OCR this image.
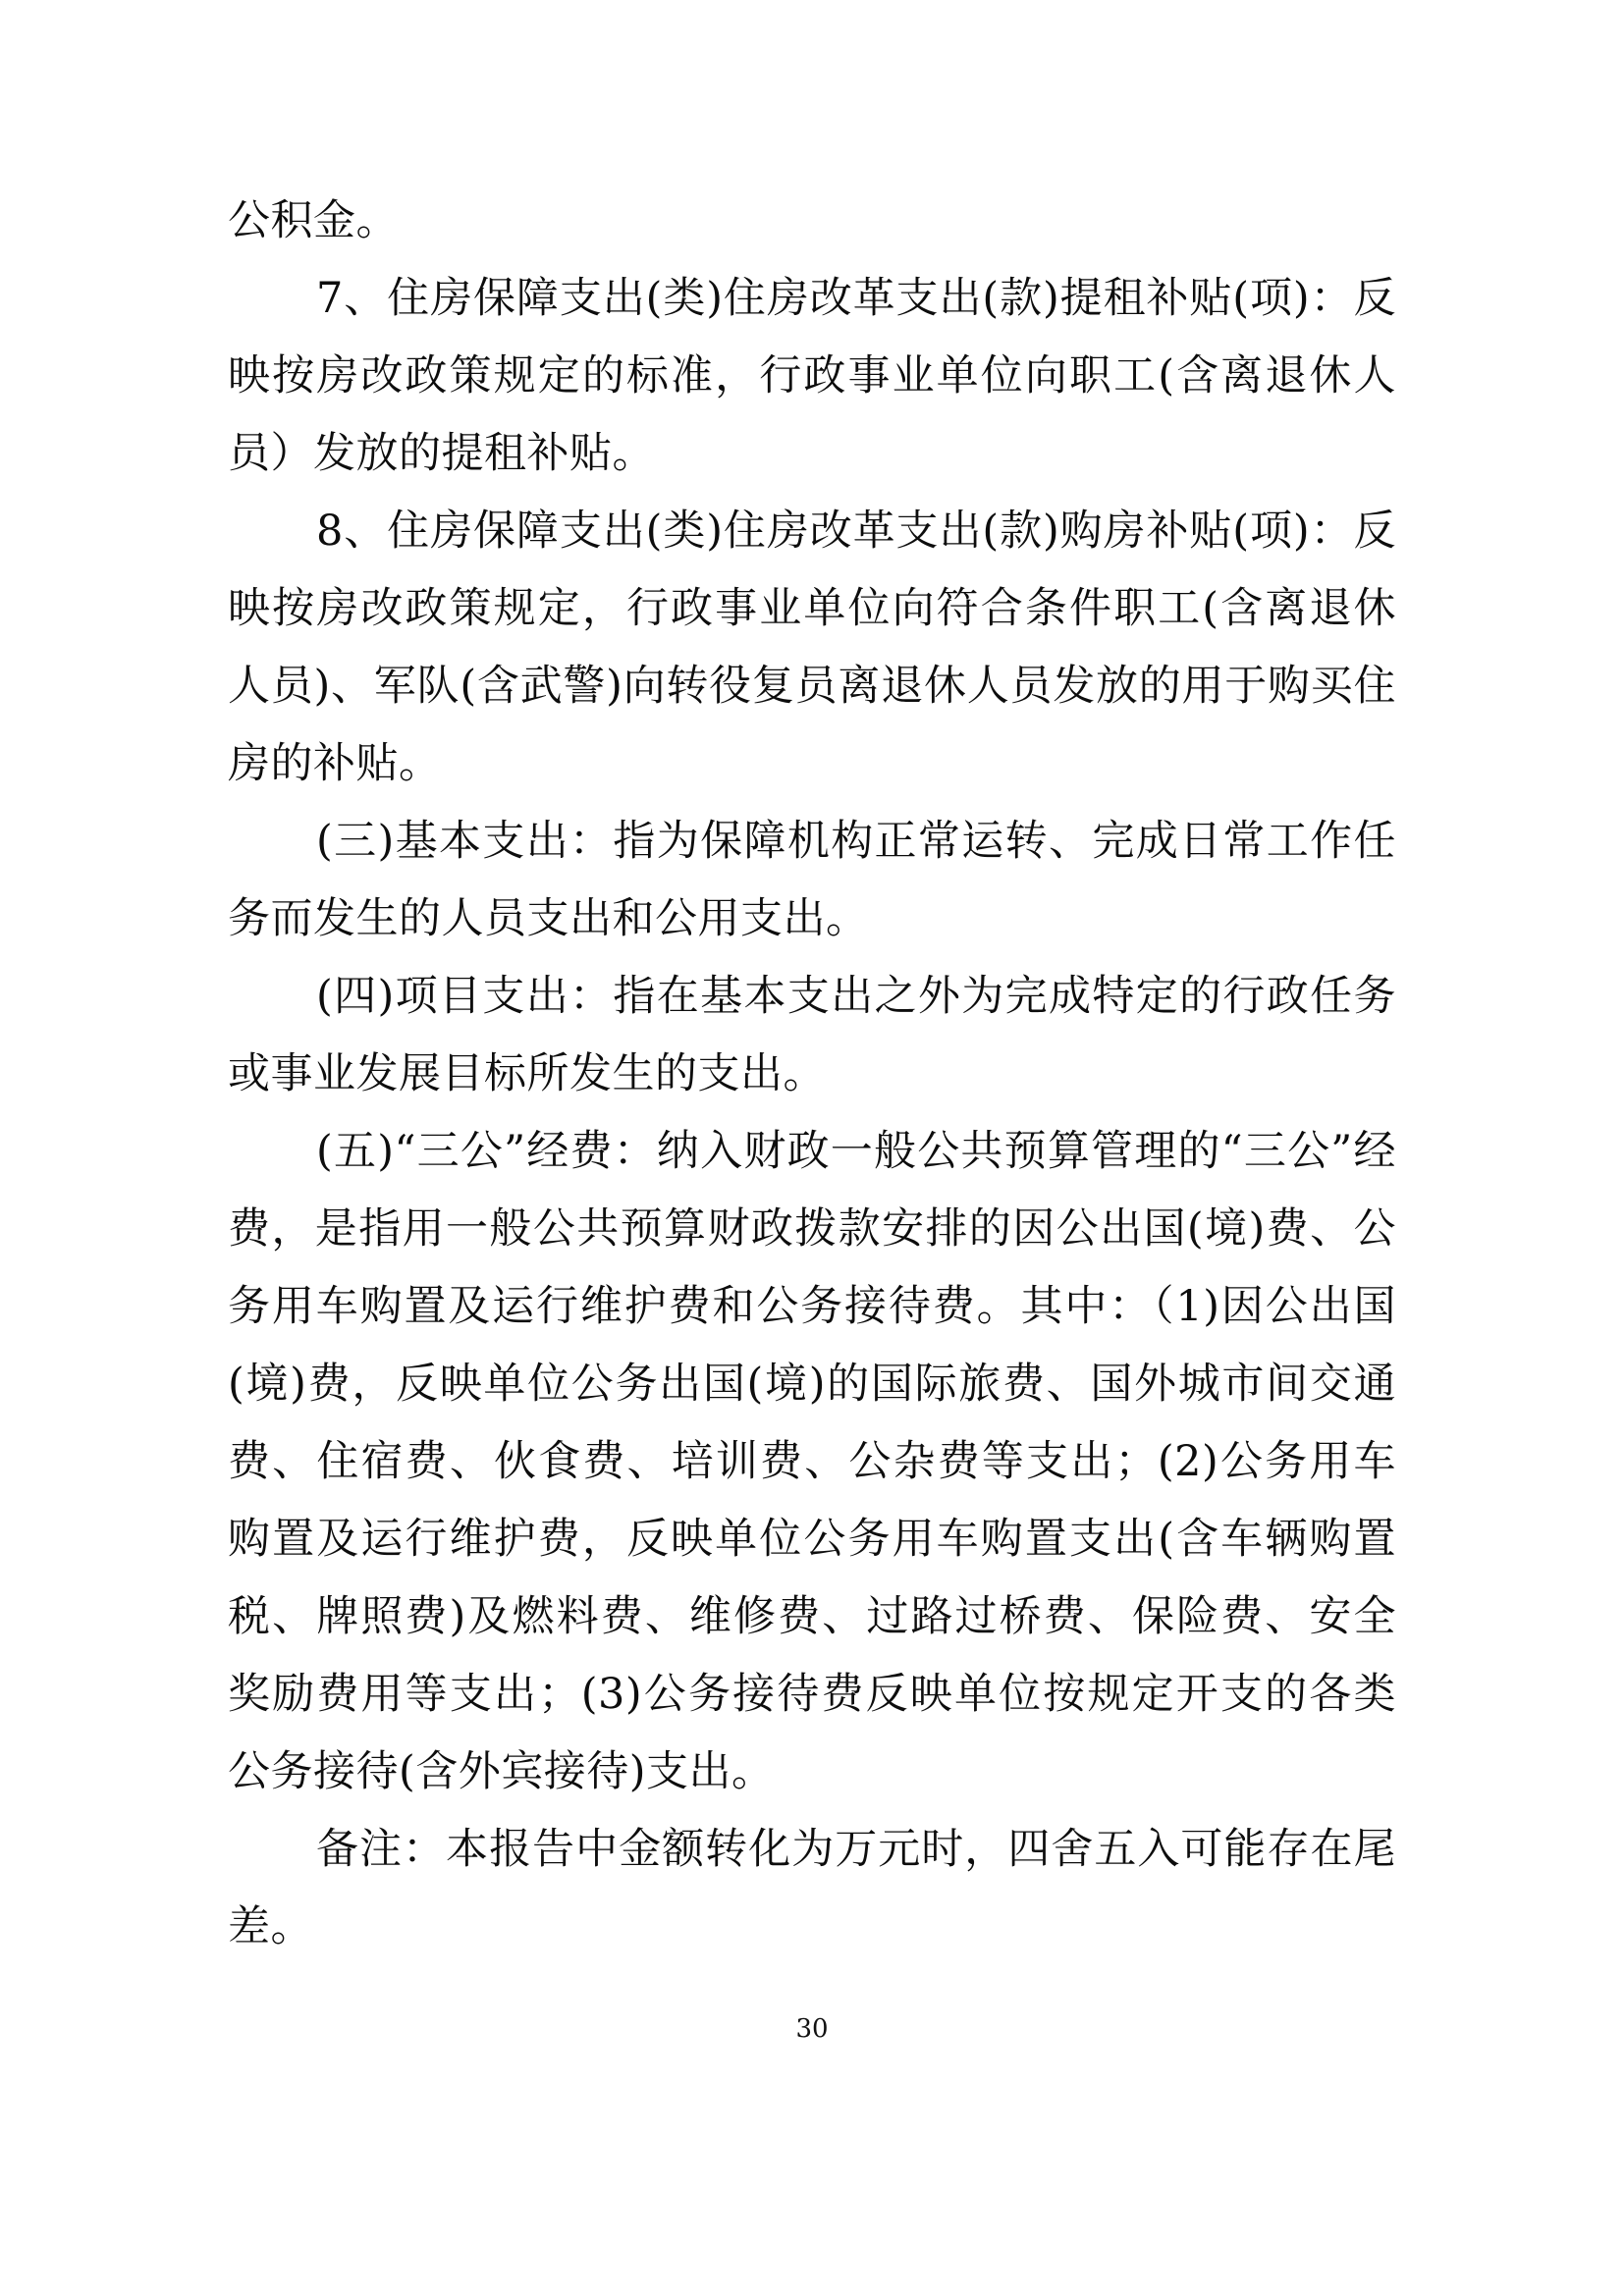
公积金。

7、住房保障支出(类)住房改革支出(款)提租补贴(项)：反映按房改政策规定的标准，行政事业单位向职工(含离退休人员）发放的提租补贴。

8、住房保障支出(类)住房改革支出(款)购房补贴(项)：反映按房改政策规定，行政事业单位向符合条件职工(含离退休人员)、军队(含武警)向转役复员离退休人员发放的用于购买住房的补贴。

(三)基本支出：指为保障机构正常运转、完成日常工作任务而发生的人员支出和公用支出。

(四)项目支出：指在基本支出之外为完成特定的行政任务或事业发展目标所发生的支出。

(五)“三公”经费：纳入财政一般公共预算管理的“三公”经费，是指用一般公共预算财政拨款安排的因公出国(境)费、公务用车购置及运行维护费和公务接待费。其中：（1)因公出国(境)费，反映单位公务出国(境)的国际旅费、国外城市间交通费、住宿费、伙食费、培训费、公杂费等支出；(2)公务用车购置及运行维护费，反映单位公务用车购置支出(含车辆购置税、牌照费)及燃料费、维修费、过路过桥费、保险费、安全奖励费用等支出；(3)公务接待费反映单位按规定开支的各类公务接待(含外宾接待)支出。

备注：本报告中金额转化为万元时，四舍五入可能存在尾差。

30
